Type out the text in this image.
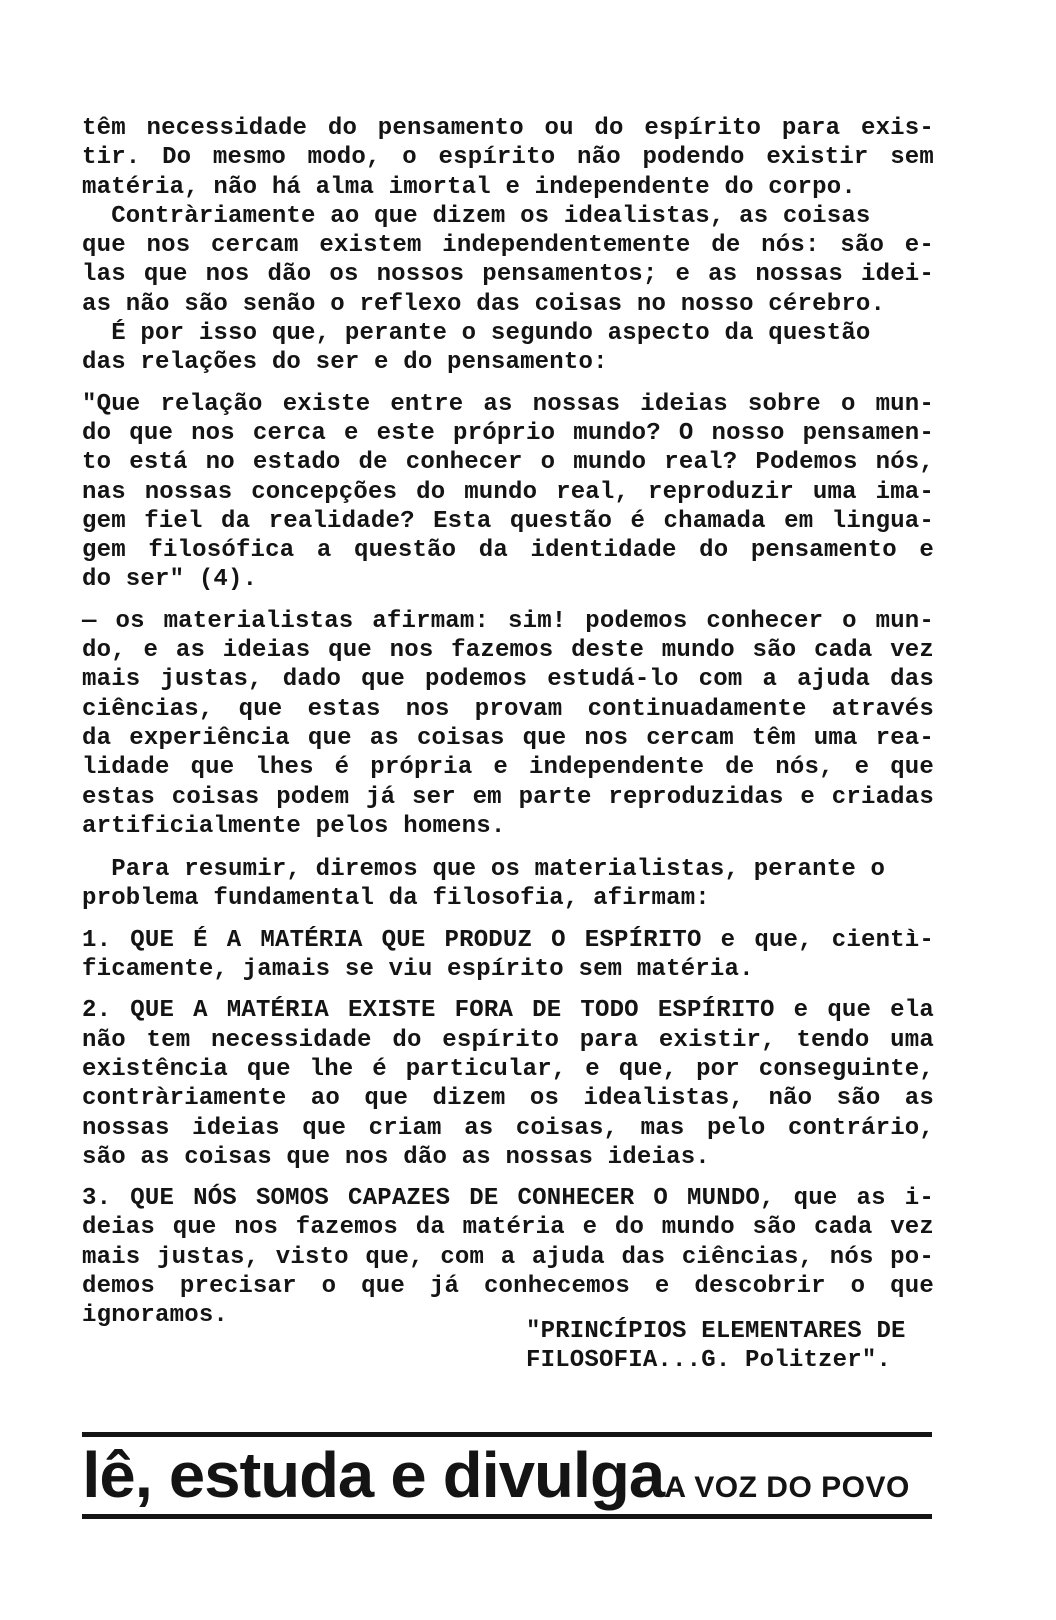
têm necessidade do pensamento ou do espírito para exis-
tir. Do mesmo modo, o espírito não podendo existir sem
matéria, não há alma imortal e independente do corpo.
Contràriamente ao que dizem os idealistas, as coisas
que nos cercam existem independentemente de nós: são e-
las que nos dão os nossos pensamentos; e as nossas idei-
as não são senão o reflexo das coisas no nosso cérebro.
É por isso que, perante o segundo aspecto da questão
das relações do ser e do pensamento:
"Que relação existe entre as nossas ideias sobre o mun-
do que nos cerca e este próprio mundo? O nosso pensamen-
to está no estado de conhecer o mundo real? Podemos nós,
nas nossas concepções do mundo real, reproduzir uma ima-
gem fiel da realidade? Esta questão é chamada em lingua-
gem filosófica a questão da identidade do pensamento e
do ser" (4).
— os materialistas afirmam: sim! podemos conhecer o mun-
do, e as ideias que nos fazemos deste mundo são cada vez
mais justas, dado que podemos estudá-lo com a ajuda das
ciências, que estas nos provam continuadamente através
da experiência que as coisas que nos cercam têm uma rea-
lidade que lhes é própria e independente de nós, e que
estas coisas podem já ser em parte reproduzidas e criadas
artificialmente pelos homens.
Para resumir, diremos que os materialistas, perante o
problema fundamental da filosofia, afirmam:
1. QUE É A MATÉRIA QUE PRODUZ O ESPÍRITO e que, cientì-
ficamente, jamais se viu espírito sem matéria.
2. QUE A MATÉRIA EXISTE FORA DE TODO ESPÍRITO e que ela
não tem necessidade do espírito para existir, tendo uma
existência que lhe é particular, e que, por conseguinte,
contràriamente ao que dizem os idealistas, não são as
nossas ideias que criam as coisas, mas pelo contrário,
são as coisas que nos dão as nossas ideias.
3. QUE NÓS SOMOS CAPAZES DE CONHECER O MUNDO, que as i-
deias que nos fazemos da matéria e do mundo são cada vez
mais justas, visto que, com a ajuda das ciências, nós po-
demos precisar o que já conhecemos e descobrir o que
ignoramos.
"PRINCÍPIOS ELEMENTARES DE
FILOSOFIA...G. Politzer".
lê, estuda e divulgaA VOZ DO POVO
